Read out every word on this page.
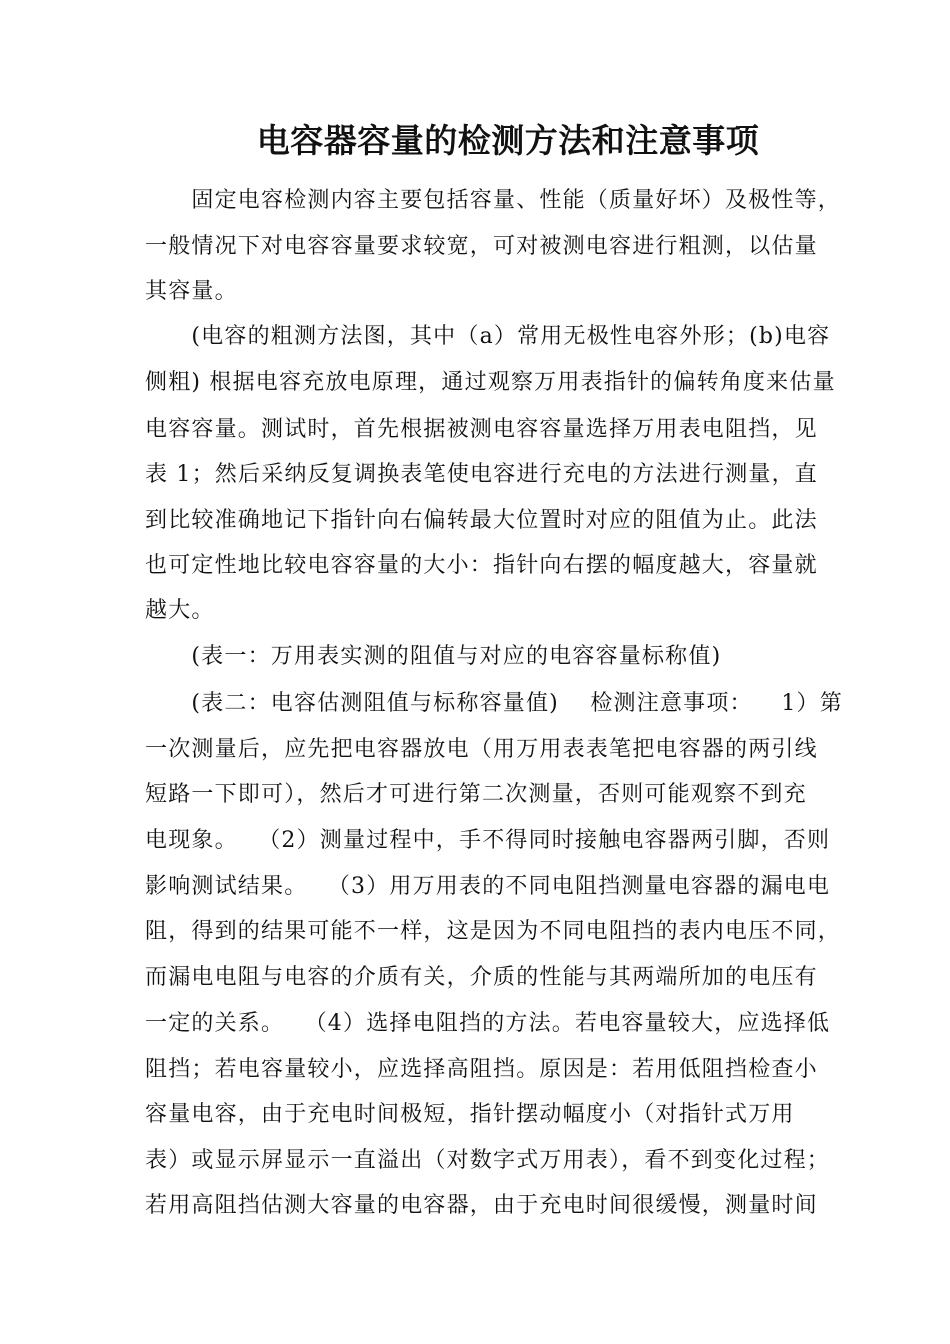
电容器容量的检测方法和注意事项
　　固定电容检测内容主要包括容量、性能（质量好坏）及极性等，
一般情况下对电容容量要求较宽，可对被测电容进行粗测，以估量
其容量。
　　(电容的粗测方法图，其中（a）常用无极性电容外形；(b)电容
侧粗) 根据电容充放电原理，通过观察万用表指针的偏转角度来估量
电容容量。测试时，首先根据被测电容容量选择万用表电阻挡，见
表 1；然后采纳反复调换表笔使电容进行充电的方法进行测量，直
到比较准确地记下指针向右偏转最大位置时对应的阻值为止。此法
也可定性地比较电容容量的大小：指针向右摆的幅度越大，容量就
越大。
　　(表一：万用表实测的阻值与对应的电容容量标称值)
　　(表二：电容估测阻值与标称容量值)　 检测注意事项：　  1）第
一次测量后，应先把电容器放电（用万用表表笔把电容器的两引线
短路一下即可），然后才可进行第二次测量，否则可能观察不到充
电现象。　 （2）测量过程中，手不得同时接触电容器两引脚，否则
影响测试结果。　 （3）用万用表的不同电阻挡测量电容器的漏电电
阻，得到的结果可能不一样，这是因为不同电阻挡的表内电压不同，
而漏电电阻与电容的介质有关，介质的性能与其两端所加的电压有
一定的关系。　 （4）选择电阻挡的方法。若电容量较大，应选择低
阻挡；若电容量较小，应选择高阻挡。原因是：若用低阻挡检查小
容量电容，由于充电时间极短，指针摆动幅度小（对指针式万用
表）或显示屏显示一直溢出（对数字式万用表），看不到变化过程；
若用高阻挡估测大容量的电容器，由于充电时间很缓慢，测量时间
